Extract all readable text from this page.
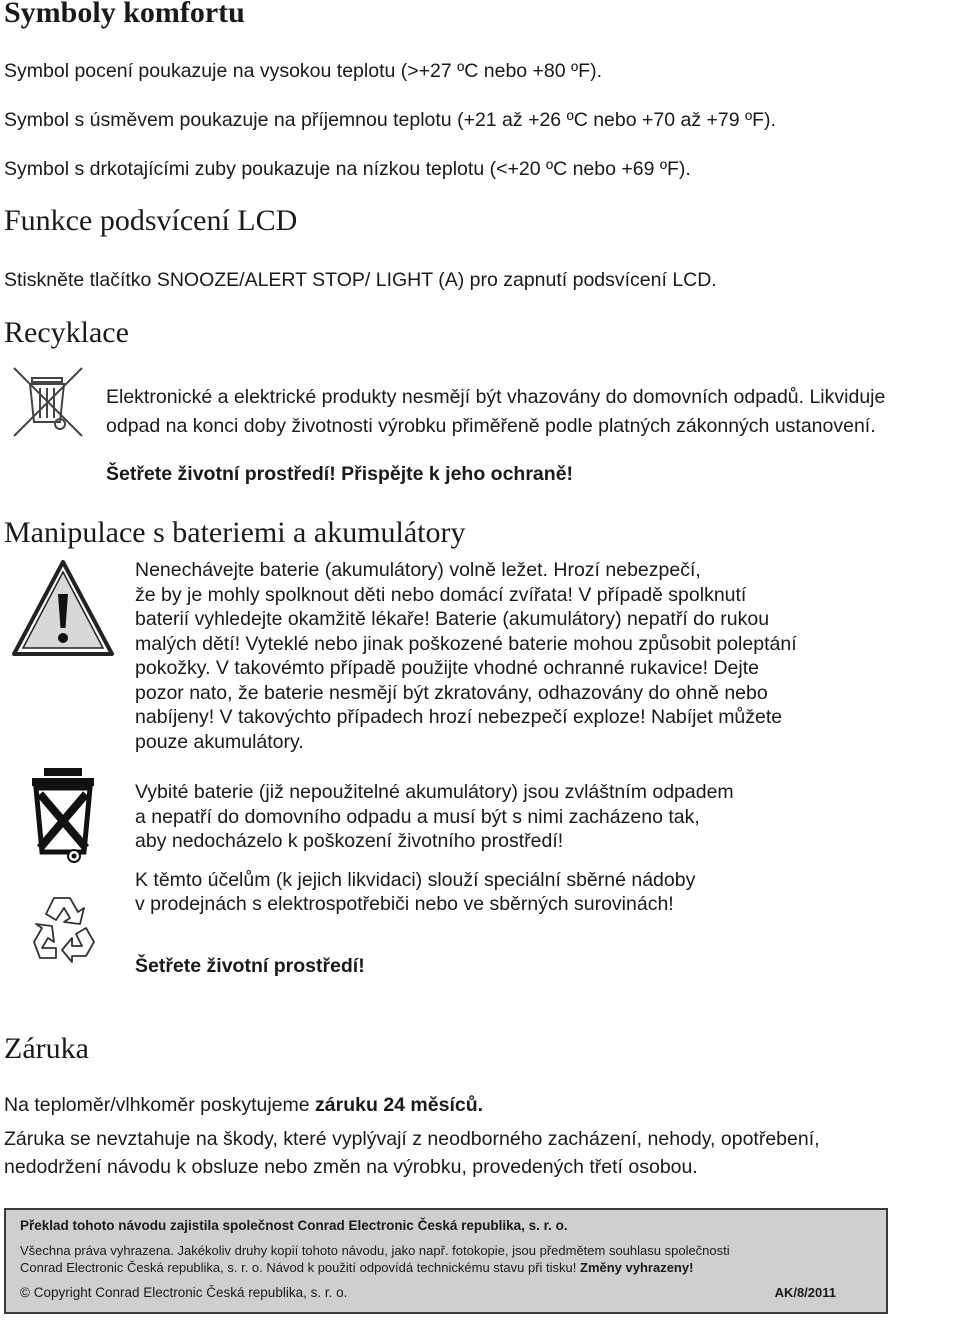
Symboly komfortu

Symbol pocení poukazuje na vysokou teplotu (>+27 ºC nebo +80 ºF).

Symbol s úsměvem poukazuje na příjemnou teplotu (+21 až +26 ºC nebo +70 až +79 ºF).

Symbol s drkotajícími zuby poukazuje na nízkou teplotu (<+20 ºC nebo +69 ºF).

Funkce podsvícení LCD

Stiskněte tlačítko SNOOZE/ALERT STOP/ LIGHT (A) pro zapnutí podsvícení LCD.

Recyklace

Elektronické a elektrické produkty nesmějí být vhazovány do domovních odpadů. Likviduje

odpad na konci doby životnosti výrobku přiměřeně podle platných zákonných ustanovení.

Šetřete životní prostředí! Přispějte k jeho ochraně!

Manipulace s bateriemi a akumulátory

Nenechávejte baterie (akumulátory) volně ležet. Hrozí nebezpečí,

že by je mohly spolknout děti nebo domácí zvířata! V případě spolknutí

baterií vyhledejte okamžitě lékaře! Baterie (akumulátory) nepatří do rukou

malých dětí! Vyteklé nebo jinak poškozené baterie mohou způsobit poleptání

pokožky. V takovémto případě použijte vhodné ochranné rukavice! Dejte

pozor nato, že baterie nesmějí být zkratovány, odhazovány do ohně nebo

nabíjeny! V takovýchto případech hrozí nebezpečí exploze! Nabíjet můžete

pouze akumulátory.

Vybité baterie (již nepoužitelné akumulátory) jsou zvláštním odpadem

a nepatří do domovního odpadu a musí být s nimi zacházeno tak,

aby nedocházelo k poškození životního prostředí!

K těmto účelům (k jejich likvidaci) slouží speciální sběrné nádoby

v prodejnách s elektrospotřebiči nebo ve sběrných surovinách!

Šetřete životní prostředí!

Záruka

Na teploměr/vlhkoměr poskytujeme záruku 24 měsíců.

Záruka se nevztahuje na škody, které vyplývají z neodborného zacházení, nehody, opotřebení,

nedodržení návodu k obsluze nebo změn na výrobku, provedených třetí osobou.

Překlad tohoto návodu zajistila společnost Conrad Electronic Česká republika, s. r. o.
Všechna práva vyhrazena. Jakékoliv druhy kopií tohoto návodu, jako např. fotokopie, jsou předmětem souhlasu společnosti
Conrad Electronic Česká republika, s. r. o. Návod k použití odpovídá technickému stavu při tisku! Změny vyhrazeny!
© Copyright Conrad Electronic Česká republika, s. r. o.	AK/8/2011
